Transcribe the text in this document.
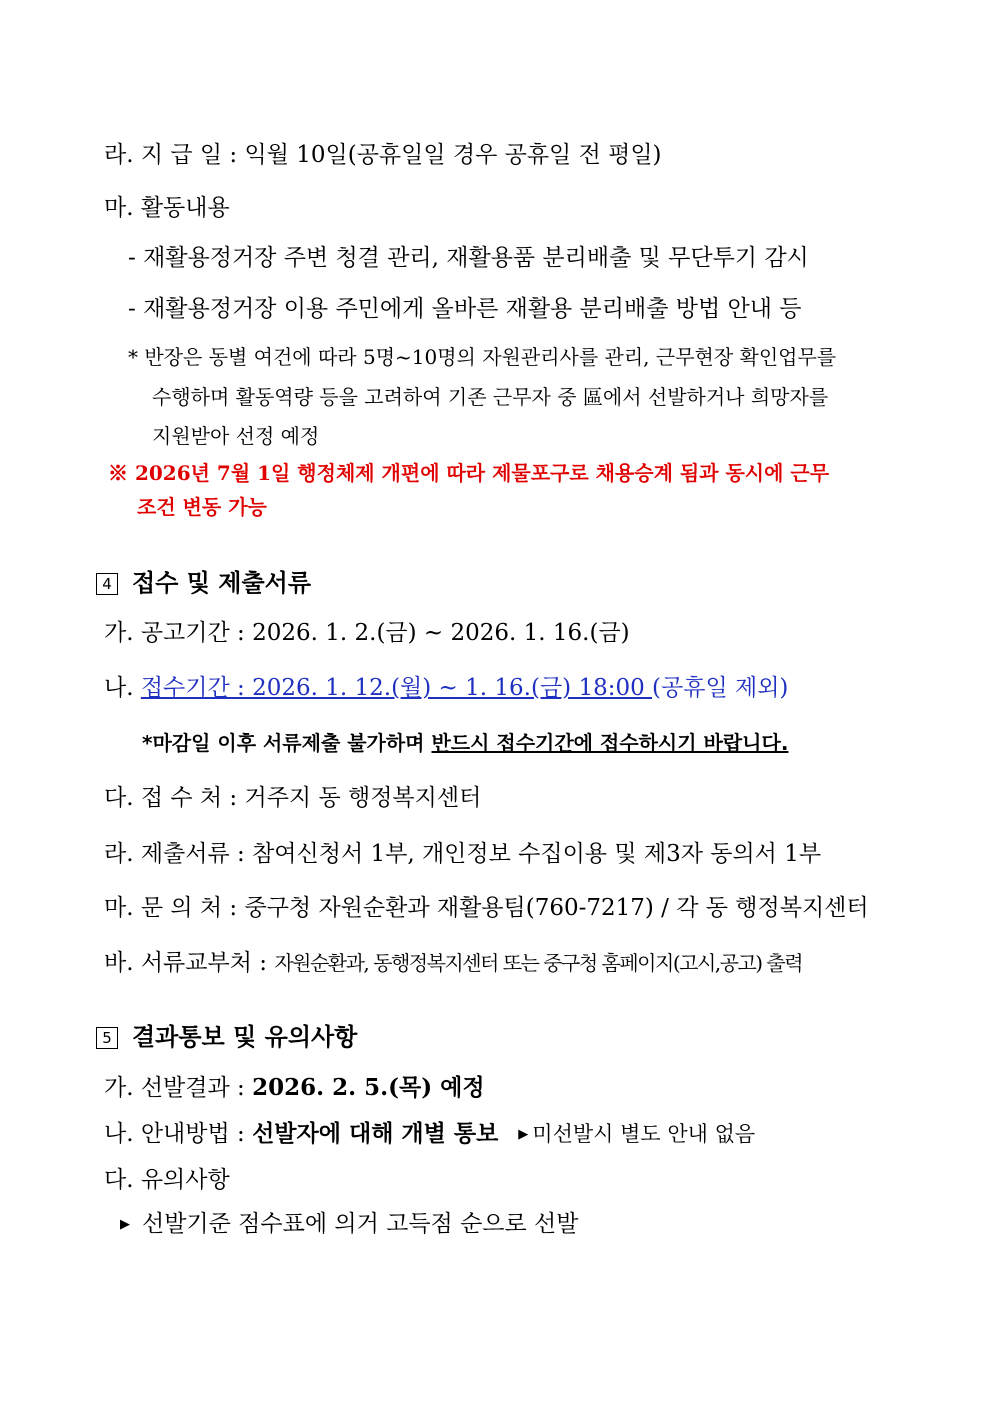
라. 지 급 일 : 익월 10일(공휴일일 경우 공휴일 전 평일)
마. 활동내용
- 재활용정거장 주변 청결 관리, 재활용품 분리배출 및 무단투기 감시
- 재활용정거장 이용 주민에게 올바른 재활용 분리배출 방법 안내 등
* 반장은 동별 여건에 따라 5명~10명의 자원관리사를 관리, 근무현장 확인업무를
수행하며 활동역량 등을 고려하여 기존 근무자 중 區에서 선발하거나 희망자를
지원받아 선정 예정
※ 2026년 7월 1일 행정체제 개편에 따라 제물포구로 채용승계 됨과 동시에 근무
조건 변동 가능
4 접수 및 제출서류
가. 공고기간 : 2026. 1. 2.(금) ~ 2026. 1. 16.(금)
나. 접수기간 : 2026. 1. 12.(월) ~ 1. 16.(금) 18:00 (공휴일 제외)
*마감일 이후 서류제출 불가하며 반드시 접수기간에 접수하시기 바랍니다.
다. 접 수 처 : 거주지 동 행정복지센터
라. 제출서류 : 참여신청서 1부, 개인정보 수집이용 및 제3자 동의서 1부
마. 문 의 처 : 중구청 자원순환과 재활용팀(760-7217) / 각 동 행정복지센터
바. 서류교부처 : 자원순환과, 동행정복지센터 또는 중구청 홈페이지(고시,공고) 출력
5 결과통보 및 유의사항
가. 선발결과 : 2026. 2. 5.(목) 예정
나. 안내방법 : 선발자에 대해 개별 통보 ▶ 미선발시 별도 안내 없음
다. 유의사항
▶ 선발기준 점수표에 의거 고득점 순으로 선발
